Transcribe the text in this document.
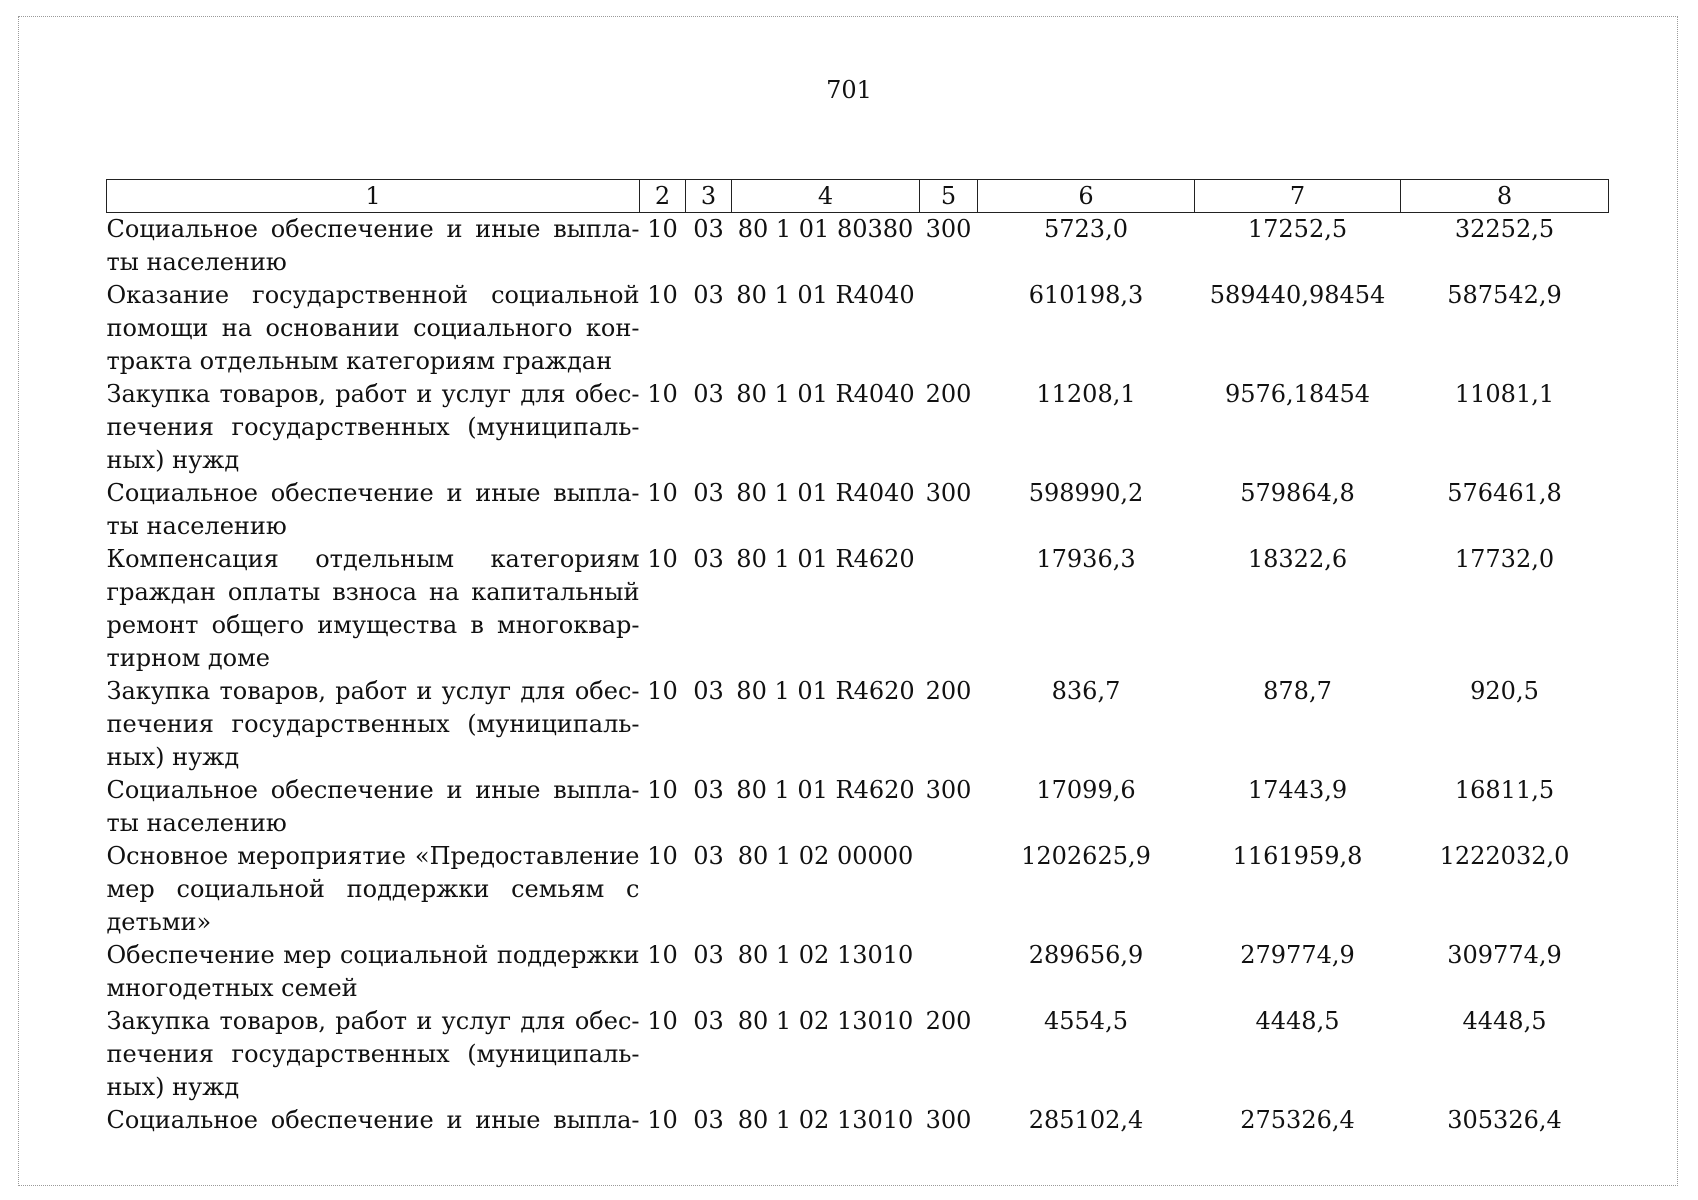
701
1	2	3	4	5	6	7	8

Социальное обеспечение и иные выпла-
ты населению	10	03	80 1 01 80380	300	5723,0	17252,5	32252,5

Оказание государственной социальной
помощи на основании социального кон-
тракта отдельным категориям граждан	10	03	80 1 01 R4040		610198,3	589440,98454	587542,9

Закупка товаров, работ и услуг для обес-
печения государственных (муниципаль-
ных) нужд	10	03	80 1 01 R4040	200	11208,1	9576,18454	11081,1

Социальное обеспечение и иные выпла-
ты населению	10	03	80 1 01 R4040	300	598990,2	579864,8	576461,8

Компенсация отдельным категориям
граждан оплаты взноса на капитальный
ремонт общего имущества в многоквар-
тирном доме	10	03	80 1 01 R4620		17936,3	18322,6	17732,0

Закупка товаров, работ и услуг для обес-
печения государственных (муниципаль-
ных) нужд	10	03	80 1 01 R4620	200	836,7	878,7	920,5

Социальное обеспечение и иные выпла-
ты населению	10	03	80 1 01 R4620	300	17099,6	17443,9	16811,5

Основное мероприятие «Предоставление
мер социальной поддержки семьям с
детьми»	10	03	80 1 02 00000		1202625,9	1161959,8	1222032,0

Обеспечение мер социальной поддержки
многодетных семей	10	03	80 1 02 13010		289656,9	279774,9	309774,9

Закупка товаров, работ и услуг для обес-
печения государственных (муниципаль-
ных) нужд	10	03	80 1 02 13010	200	4554,5	4448,5	4448,5

Социальное обеспечение и иные выпла-	10	03	80 1 02 13010	300	285102,4	275326,4	305326,4
